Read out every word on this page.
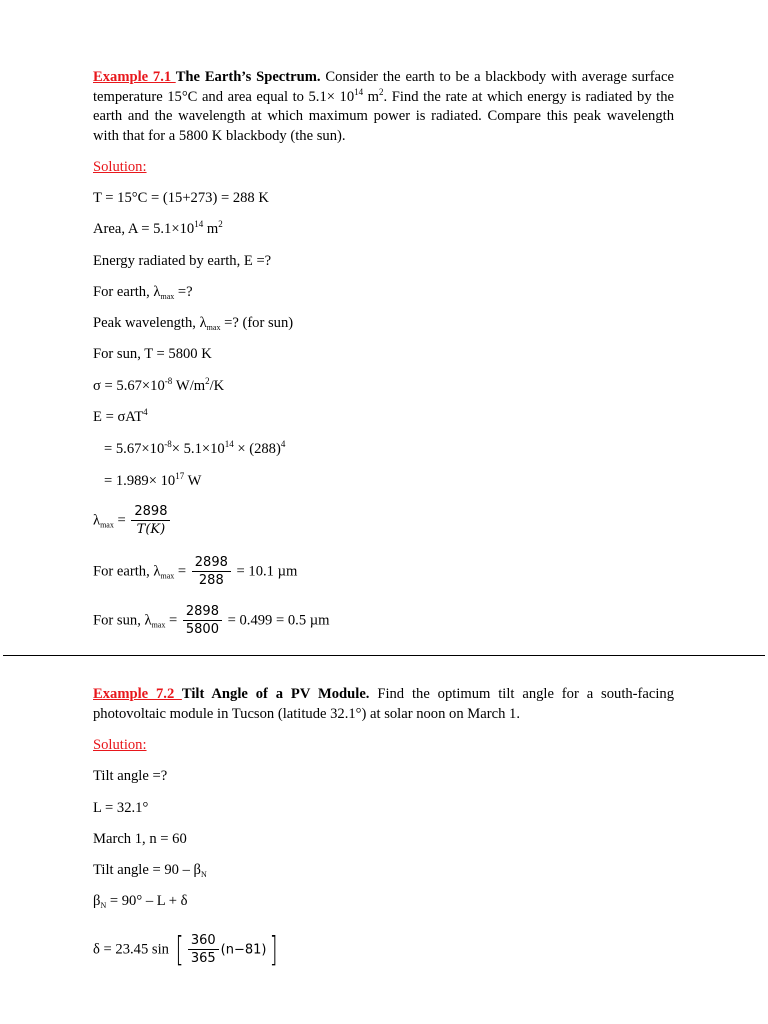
Example 7.1 The Earth’s Spectrum. Consider the earth to be a blackbody with average surface temperature 15°C and area equal to $5.1\times 10^{14}$ $m^2$. Find the rate at which energy is radiated by the earth and the wavelength at which maximum power is radiated. Compare this peak wavelength with that for a 5800 K blackbody (the sun).
Solution:
T = 15°C = (15+273) = 288 K
Area, $A = 5.1\times 10^{14}$ $m^2$
Energy radiated by earth, E =?
For earth, $\lambda_{max}$ =?
Peak wavelength, $\lambda_{max}$ =? (for sun)
For sun, T = 5800 K
$\sigma = 5.67\times 10^{-8}$ $W/m^2/K$
E = σAT$^4$
= $5.67\times 10^{-8}\times 5.1\times 10^{14} \times (288)^4$
= $1.989\times 10^{17}$ W
$\lambda_{max} = \frac{2898}{T(K)}$
For earth, $\lambda_{max} = \frac{2898}{288} = 10.1$ µm
For sun, $\lambda_{max} = \frac{2898}{5800} = 0.499 = 0.5$ µm
Example 7.2 Tilt Angle of a PV Module. Find the optimum tilt angle for a south-facing photovoltaic module in Tucson (latitude 32.1°) at solar noon on March 1.
Solution:
Tilt angle =?
L = 32.1°
March 1, n = 60
Tilt angle = $90 - \beta_N$
$\beta_N = 90^\circ - L + \delta$
δ = 23.45 sin [ $\frac{360}{365} (n-81)$]
